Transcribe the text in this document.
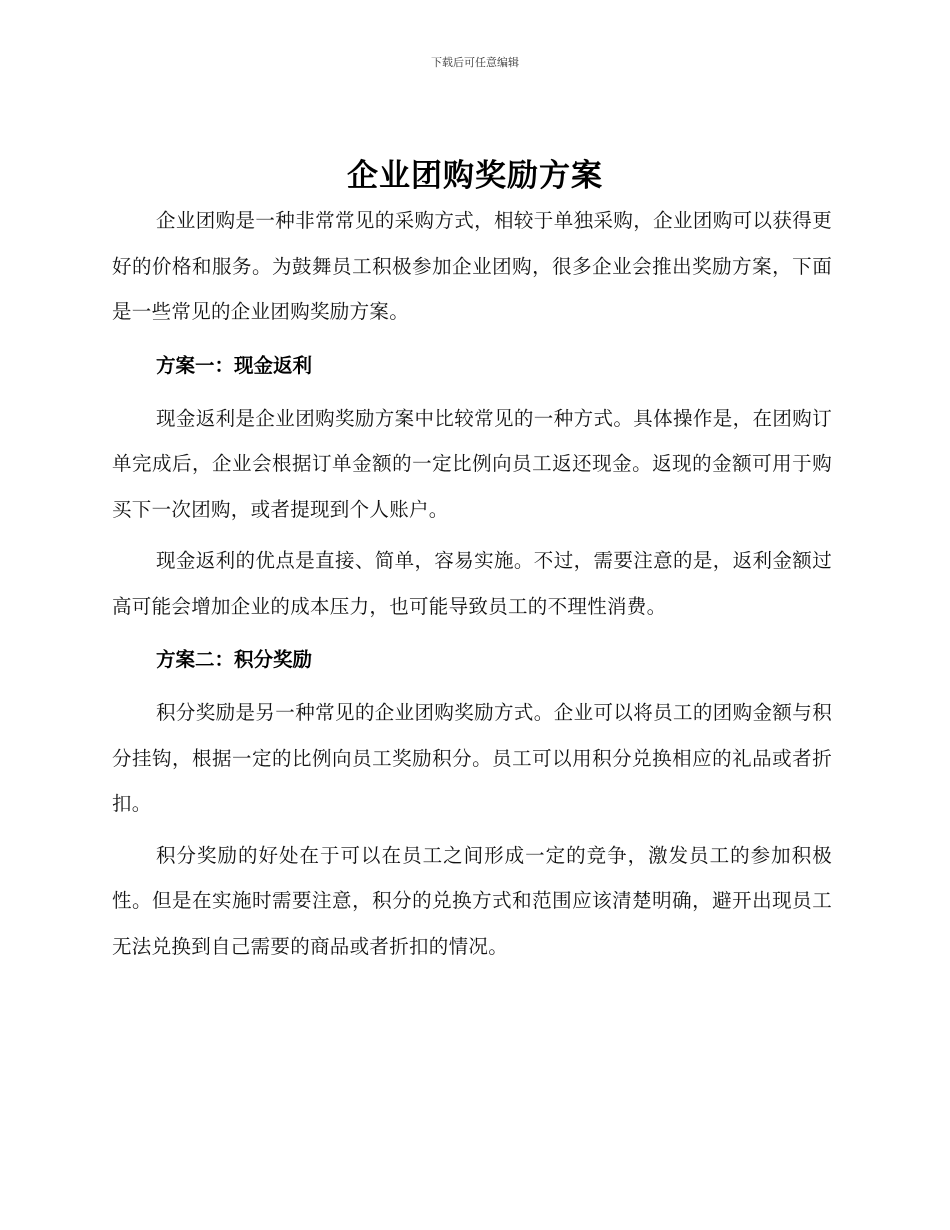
下载后可任意编辑
企业团购奖励方案

企业团购是一种非常常见的采购方式，相较于单独采购，企业团购可以获得更好的价格和服务。为鼓舞员工积极参加企业团购，很多企业会推出奖励方案，下面是一些常见的企业团购奖励方案。

方案一：现金返利

现金返利是企业团购奖励方案中比较常见的一种方式。具体操作是，在团购订单完成后，企业会根据订单金额的一定比例向员工返还现金。返现的金额可用于购买下一次团购，或者提现到个人账户。

现金返利的优点是直接、简单，容易实施。不过，需要注意的是，返利金额过高可能会增加企业的成本压力，也可能导致员工的不理性消费。

方案二：积分奖励

积分奖励是另一种常见的企业团购奖励方式。企业可以将员工的团购金额与积分挂钩，根据一定的比例向员工奖励积分。员工可以用积分兑换相应的礼品或者折扣。

积分奖励的好处在于可以在员工之间形成一定的竞争，激发员工的参加积极性。但是在实施时需要注意，积分的兑换方式和范围应该清楚明确，避开出现员工无法兑换到自己需要的商品或者折扣的情况。
